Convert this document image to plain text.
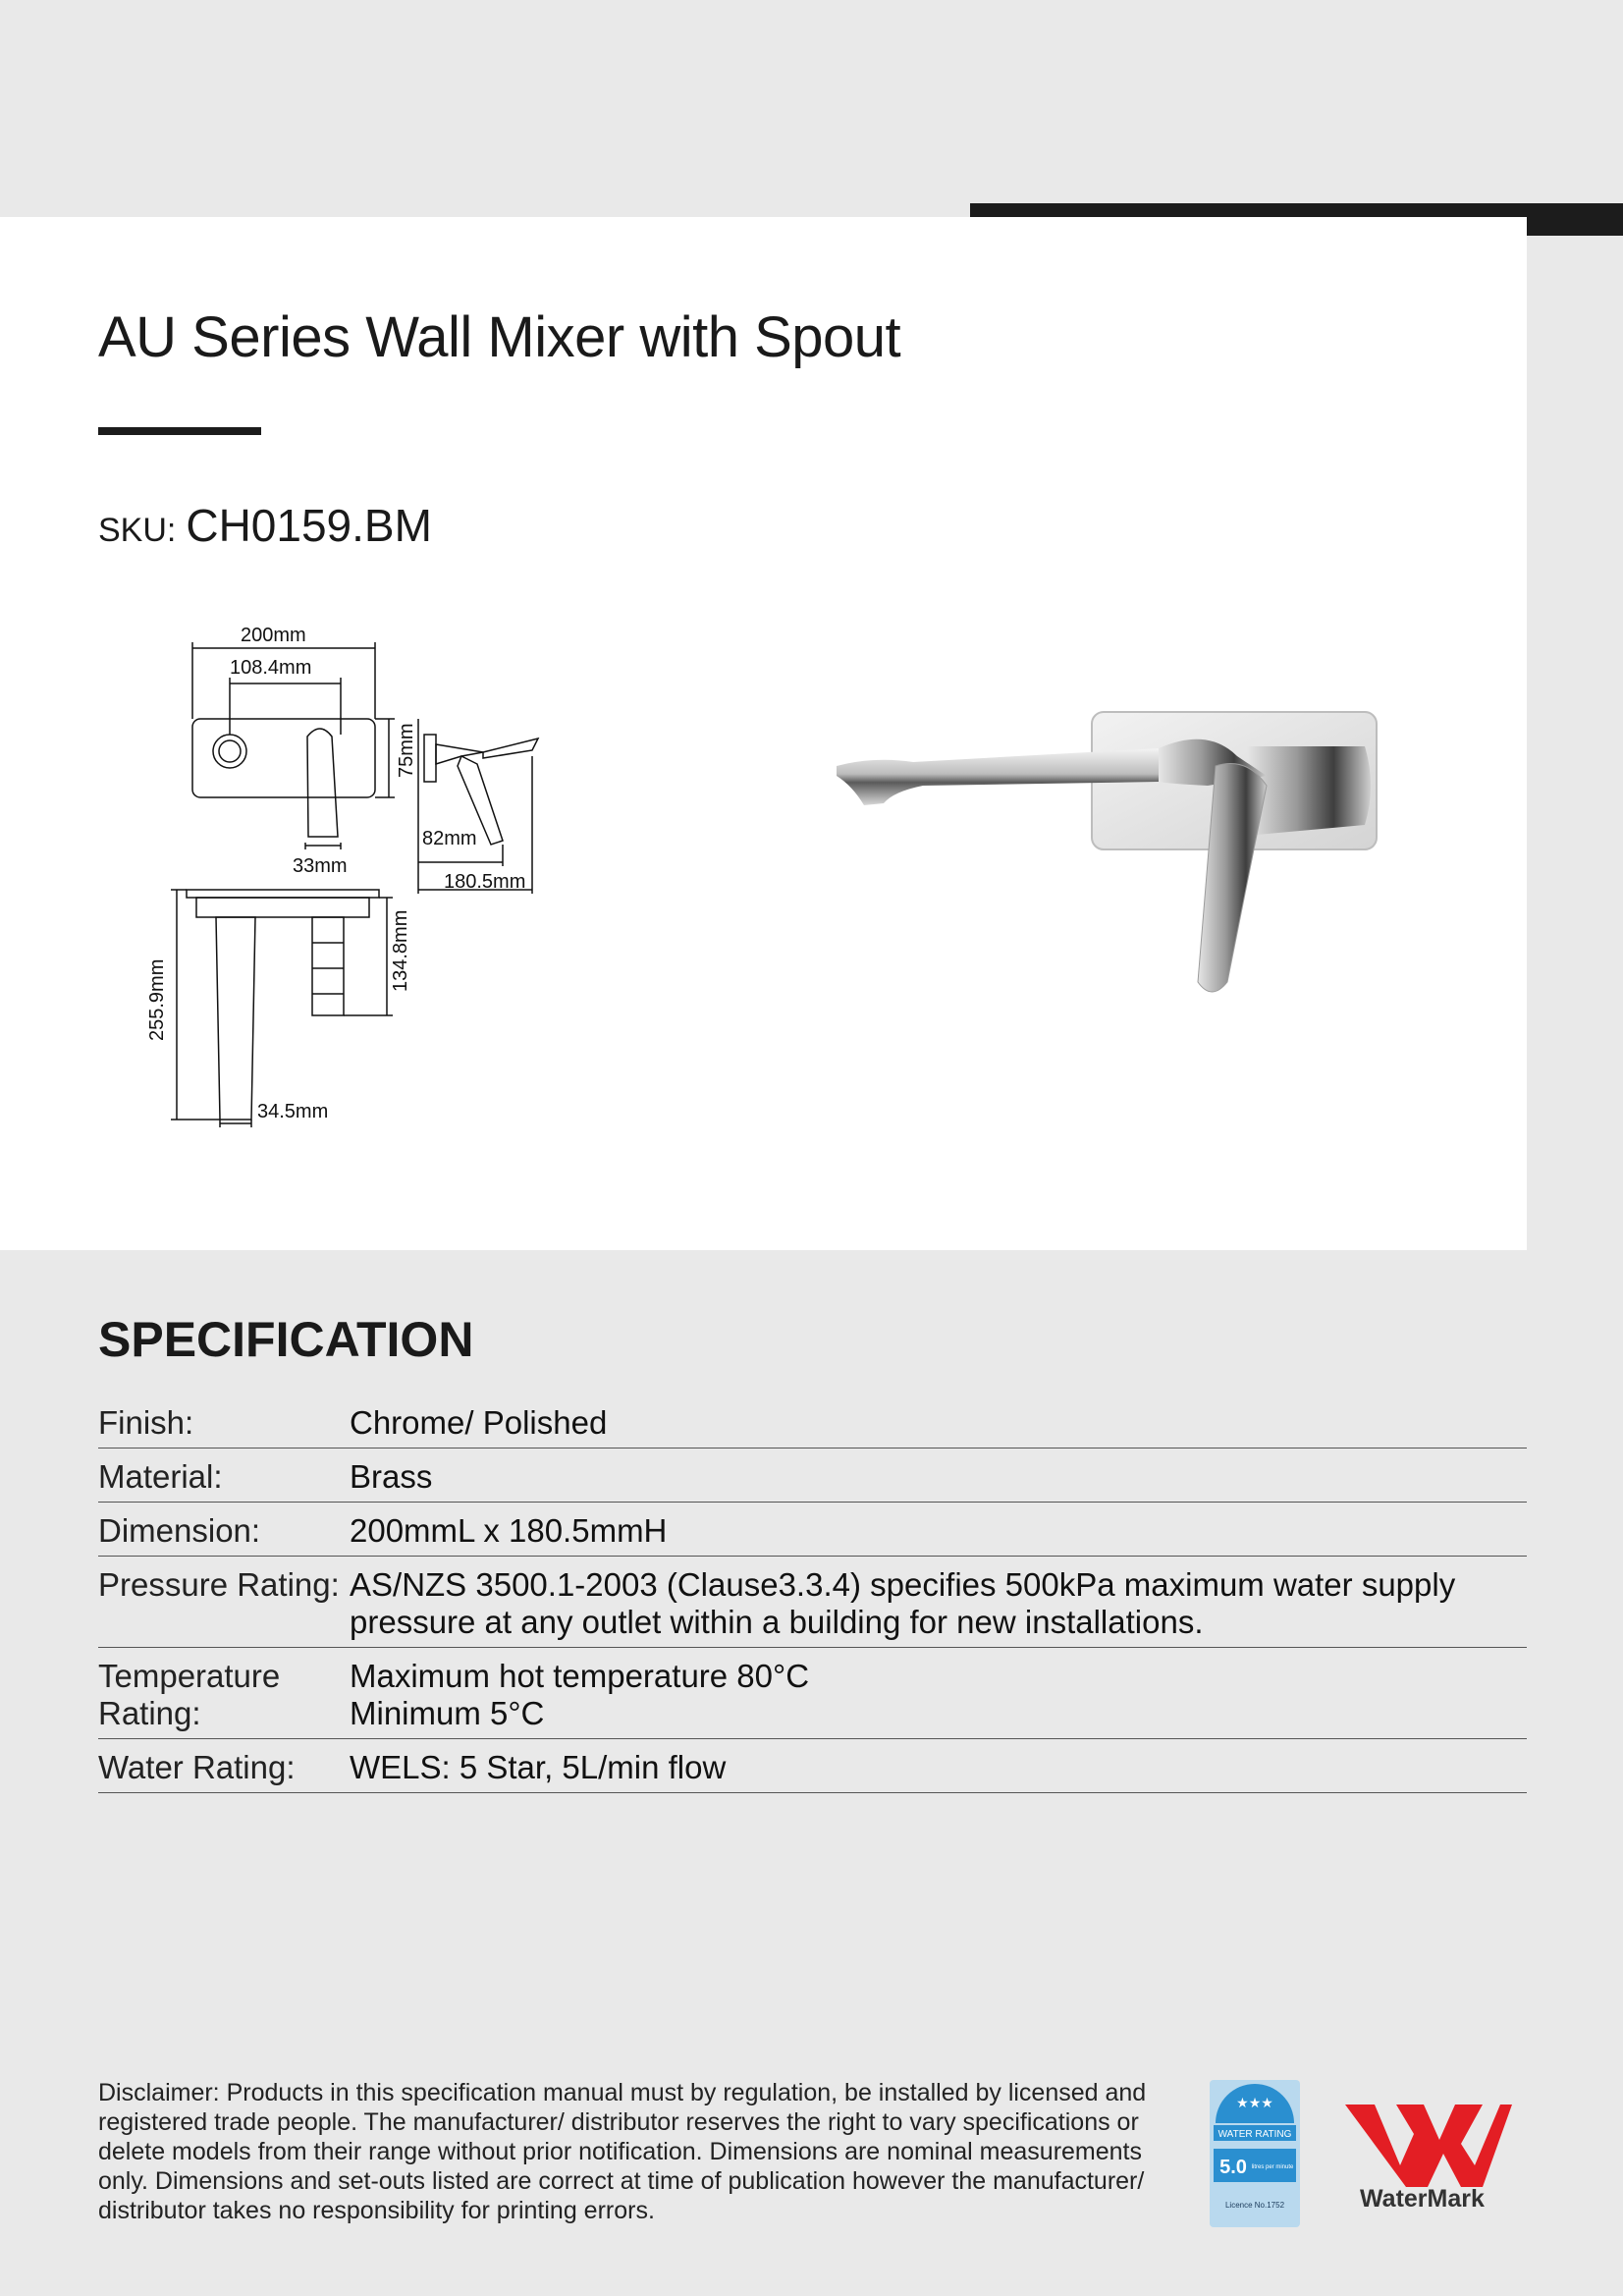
AU Series Wall Mixer with Spout
SKU: CH0159.BM
200mm
108.4mm
75mm
33mm
82mm
180.5mm
255.9mm
134.8mm
34.5mm
SPECIFICATION
Finish:	Chrome/ Polished
Material:	Brass
Dimension:	200mmL x 180.5mmH
Pressure Rating: AS/NZS 3500.1-2003 (Clause3.3.4) specifies 500kPa maximum water supply pressure at any outlet within a building for new installations.
Temperature Rating:
Maximum hot temperature 80°C Minimum 5°C
Water Rating:	WELS: 5 Star, 5L/min flow

Disclaimer: Products in this specification manual must by regulation, be installed by licensed and registered trade people. The manufacturer/ distributor reserves the right to vary specifications or delete models from their range without prior notification. Dimensions are nominal measurements only. Dimensions and set-outs listed are correct at time of publication however the manufacturer/ distributor takes no responsibility for printing errors.

★★★
WATER RATING
5.0 litres per minute
Licence No.1752	WaterMark
